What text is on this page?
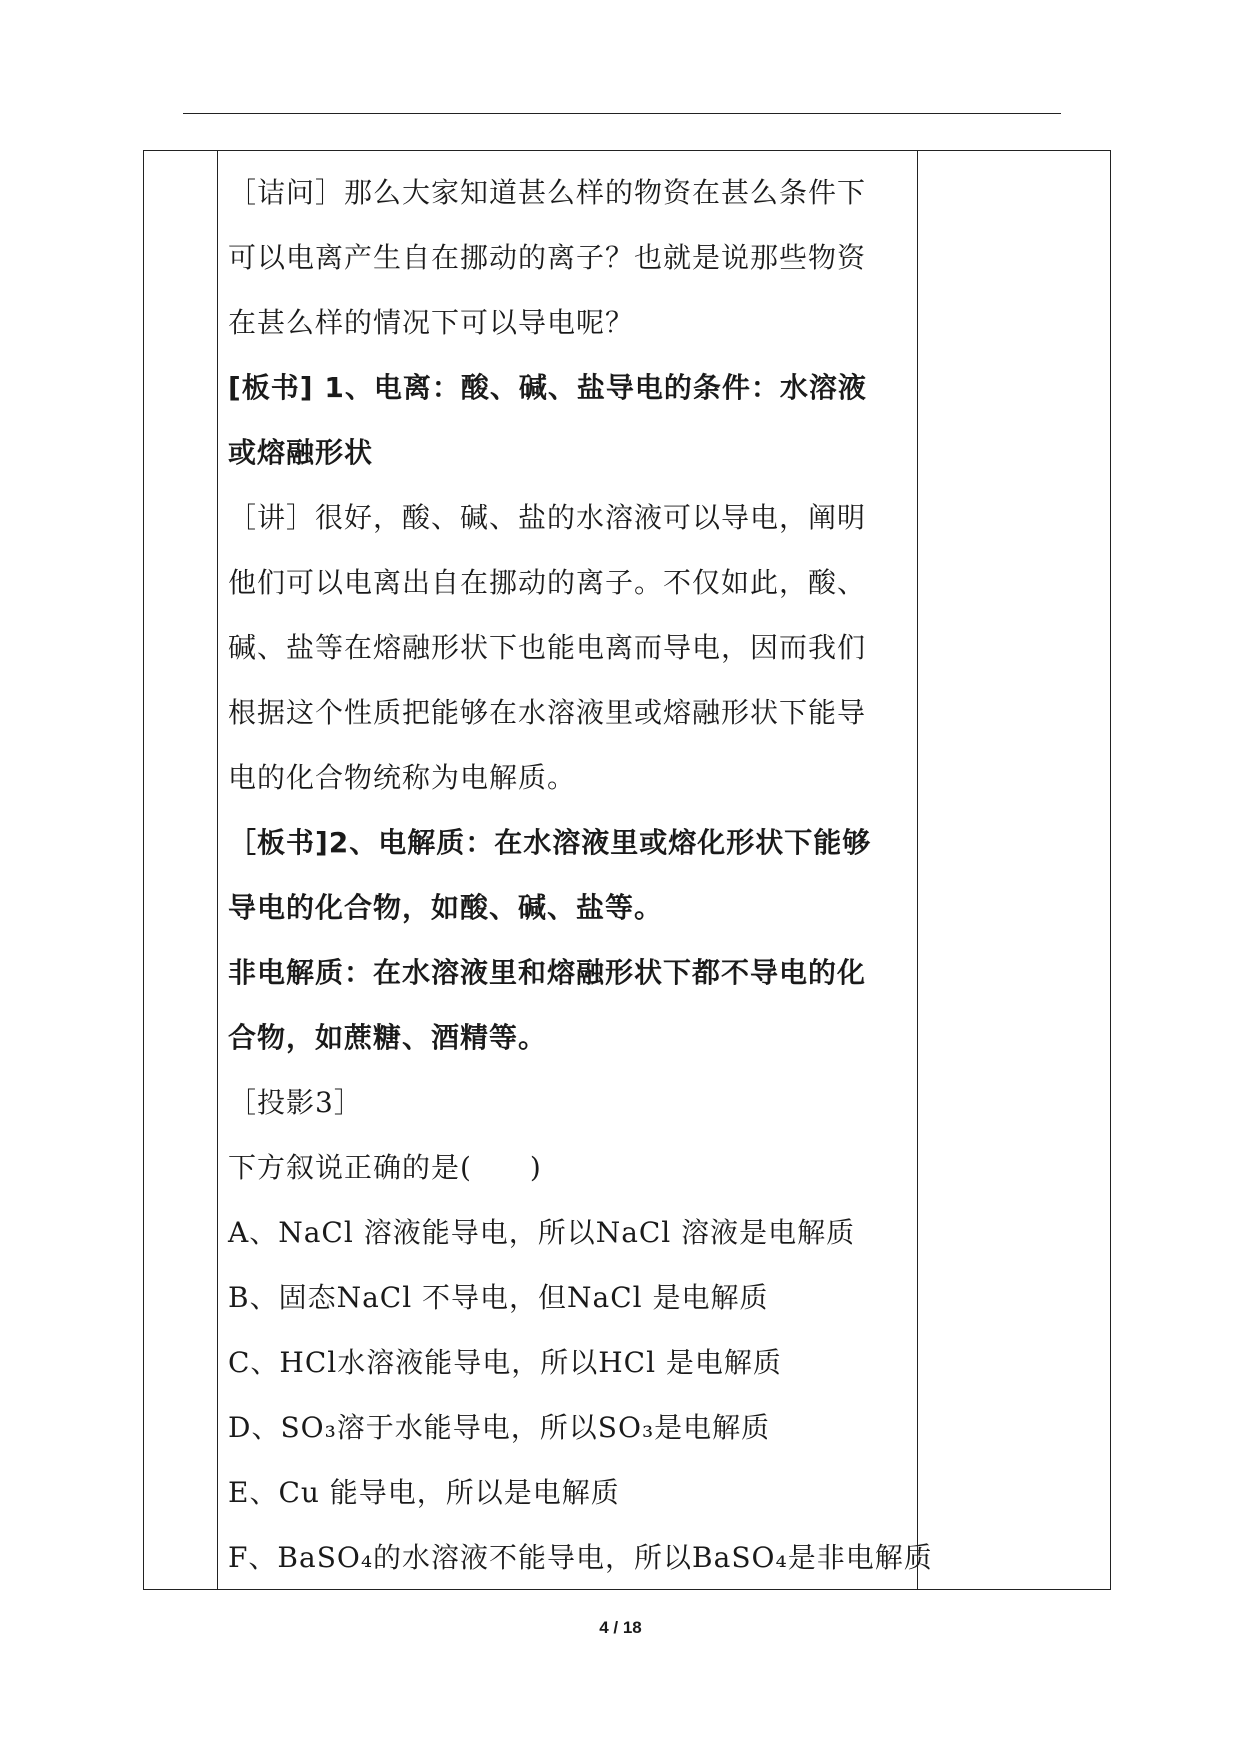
［诘问］那么大家知道甚么样的物资在甚么条件下
可以电离产生自在挪动的离子？也就是说那些物资
在甚么样的情况下可以导电呢？
[板书] 1、电离：酸、碱、盐导电的条件：水溶液
或熔融形状
［讲］很好，酸、碱、盐的水溶液可以导电，阐明
他们可以电离出自在挪动的离子。不仅如此，酸、
碱、盐等在熔融形状下也能电离而导电，因而我们
根据这个性质把能够在水溶液里或熔融形状下能导
电的化合物统称为电解质。
［板书]2、电解质：在水溶液里或熔化形状下能够
导电的化合物，如酸、碱、盐等。
非电解质：在水溶液里和熔融形状下都不导电的化
合物，如蔗糖、酒精等。
［投影3］
下方叙说正确的是(　　)
A、NaCl 溶液能导电，所以NaCl 溶液是电解质
B、固态NaCl 不导电，但NaCl 是电解质
C、HCl水溶液能导电，所以HCl 是电解质
D、SO₃溶于水能导电，所以SO₃是电解质
E、Cu 能导电，所以是电解质
F、BaSO₄的水溶液不能导电，所以BaSO₄是非电解质
4 / 18
